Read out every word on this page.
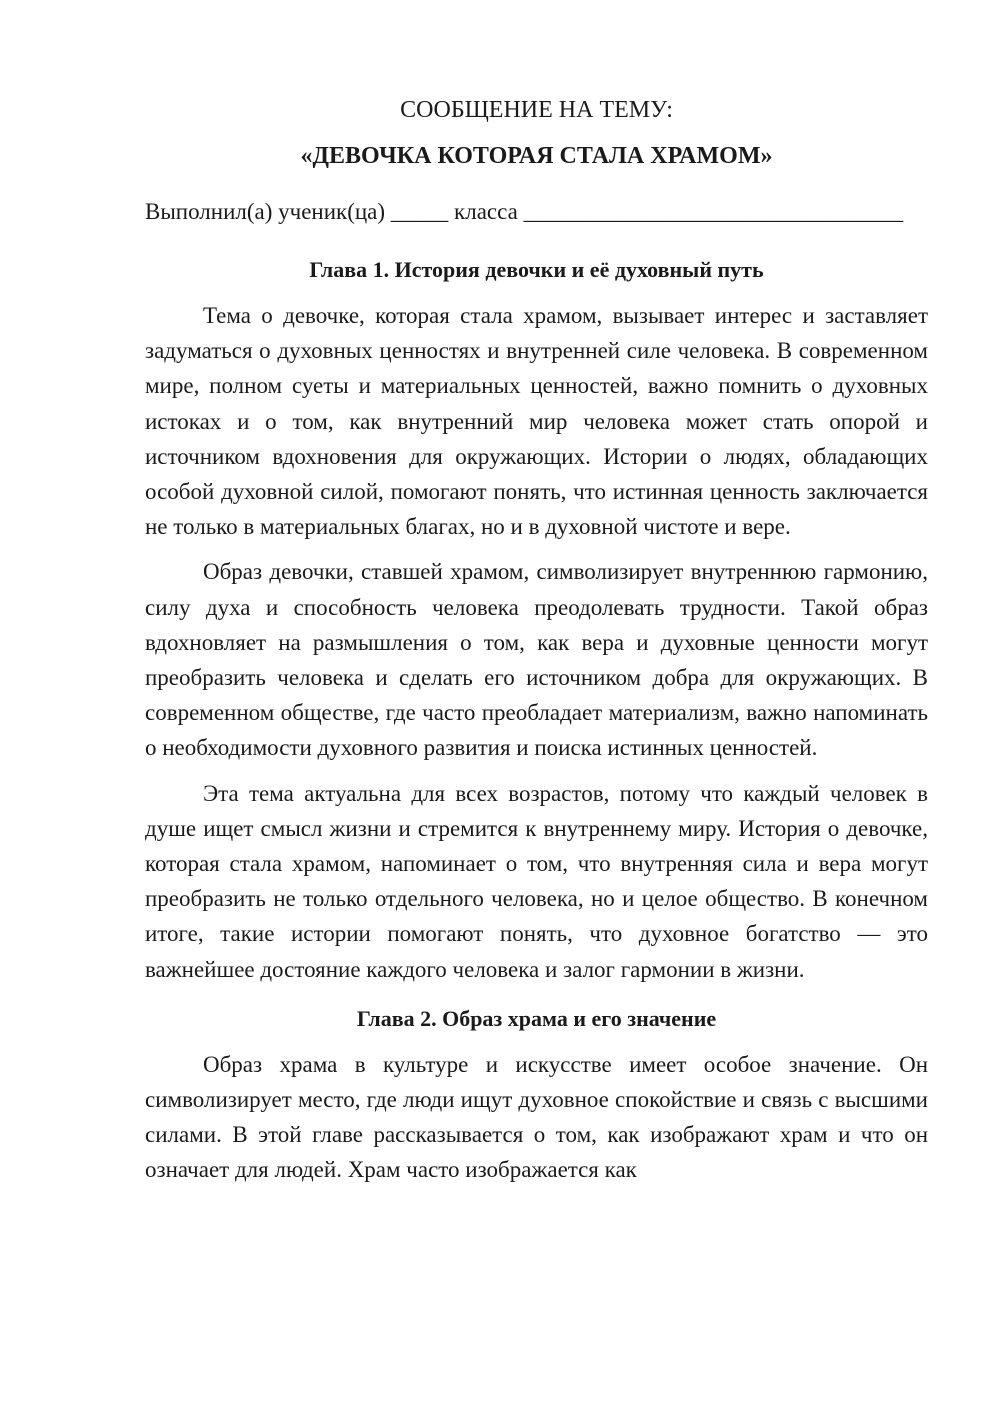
СООБЩЕНИЕ НА ТЕМУ:

«ДЕВОЧКА КОТОРАЯ СТАЛА ХРАМОМ»

Выполнил(а) ученик(ца) _____ класса _________________________________

Глава 1. История девочки и её духовный путь

Тема о девочке, которая стала храмом, вызывает интерес и заставляет задуматься о духовных ценностях и внутренней силе человека. В современном мире, полном суеты и материальных ценностей, важно помнить о духовных истоках и о том, как внутренний мир человека может стать опорой и источником вдохновения для окружающих. Истории о людях, обладающих особой духовной силой, помогают понять, что истинная ценность заключается не только в материальных благах, но и в духовной чистоте и вере.

Образ девочки, ставшей храмом, символизирует внутреннюю гармонию, силу духа и способность человека преодолевать трудности. Такой образ вдохновляет на размышления о том, как вера и духовные ценности могут преобразить человека и сделать его источником добра для окружающих. В современном обществе, где часто преобладает материализм, важно напоминать о необходимости духовного развития и поиска истинных ценностей.

Эта тема актуальна для всех возрастов, потому что каждый человек в душе ищет смысл жизни и стремится к внутреннему миру. История о девочке, которая стала храмом, напоминает о том, что внутренняя сила и вера могут преобразить не только отдельного человека, но и целое общество. В конечном итоге, такие истории помогают понять, что духовное богатство — это важнейшее достояние каждого человека и залог гармонии в жизни.

Глава 2. Образ храма и его значение

Образ храма в культуре и искусстве имеет особое значение. Он символизирует место, где люди ищут духовное спокойствие и связь с высшими силами. В этой главе рассказывается о том, как изображают храм и что он означает для людей. Храм часто изображается как
